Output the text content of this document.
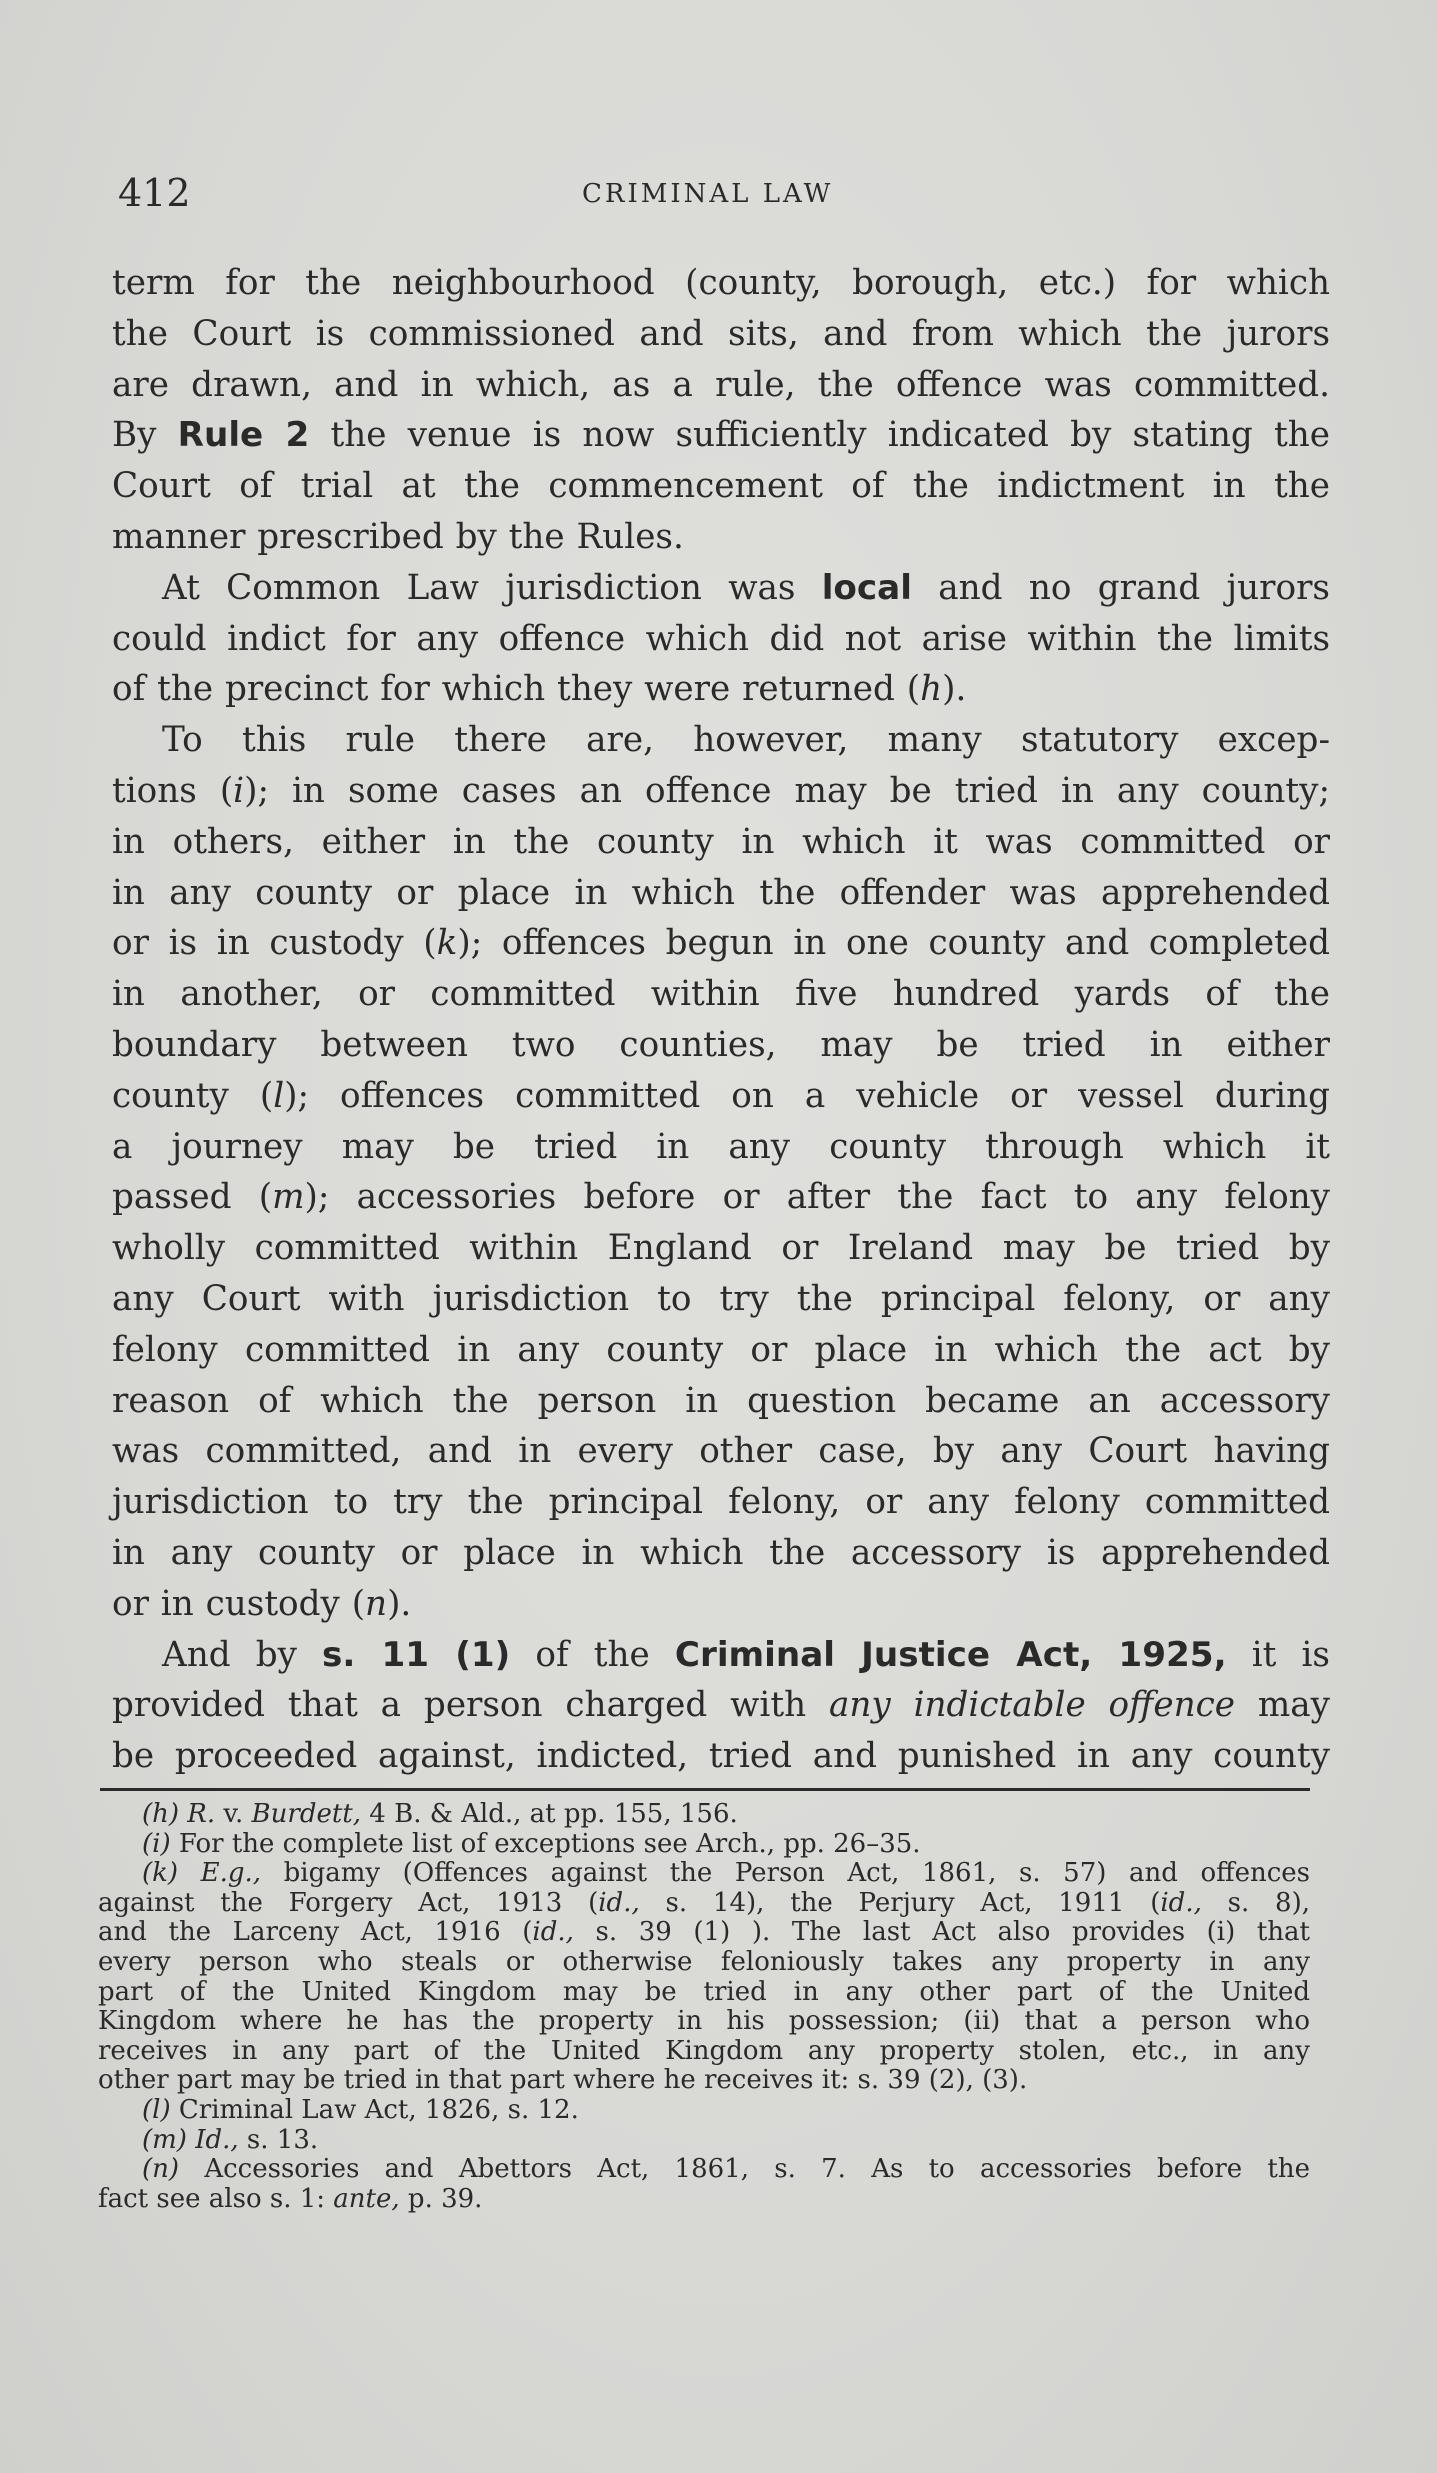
412	CRIMINAL LAW

term for the neighbourhood (county, borough, etc.) for which
the Court is commissioned and sits, and from which the jurors
are drawn, and in which, as a rule, the offence was committed.
By Rule 2 the venue is now sufficiently indicated by stating the
Court of trial at the commencement of the indictment in the
manner prescribed by the Rules.

At Common Law jurisdiction was local and no grand jurors
could indict for any offence which did not arise within the limits
of the precinct for which they were returned (h).

To this rule there are, however, many statutory excep-
tions (i); in some cases an offence may be tried in any county;
in others, either in the county in which it was committed or
in any county or place in which the offender was apprehended
or is in custody (k); offences begun in one county and completed
in another, or committed within five hundred yards of the
boundary between two counties, may be tried in either
county (l); offences committed on a vehicle or vessel during
a journey may be tried in any county through which it
passed (m); accessories before or after the fact to any felony
wholly committed within England or Ireland may be tried by
any Court with jurisdiction to try the principal felony, or any
felony committed in any county or place in which the act by
reason of which the person in question became an accessory
was committed, and in every other case, by any Court having
jurisdiction to try the principal felony, or any felony committed
in any county or place in which the accessory is apprehended
or in custody (n).

And by s. 11 (1) of the Criminal Justice Act, 1925, it is
provided that a person charged with any indictable offence may
be proceeded against, indicted, tried and punished in any county

(h) R. v. Burdett, 4 B. & Ald., at pp. 155, 156.

(i) For the complete list of exceptions see Arch., pp. 26–35.

(k) E.g., bigamy (Offences against the Person Act, 1861, s. 57) and offences
against the Forgery Act, 1913 (id., s. 14), the Perjury Act, 1911 (id., s. 8),
and the Larceny Act, 1916 (id., s. 39 (1) ). The last Act also provides (i) that
every person who steals or otherwise feloniously takes any property in any
part of the United Kingdom may be tried in any other part of the United
Kingdom where he has the property in his possession; (ii) that a person who
receives in any part of the United Kingdom any property stolen, etc., in any
other part may be tried in that part where he receives it: s. 39 (2), (3).

(l) Criminal Law Act, 1826, s. 12.

(m) Id., s. 13.

(n) Accessories and Abettors Act, 1861, s. 7. As to accessories before the
fact see also s. 1: ante, p. 39.
